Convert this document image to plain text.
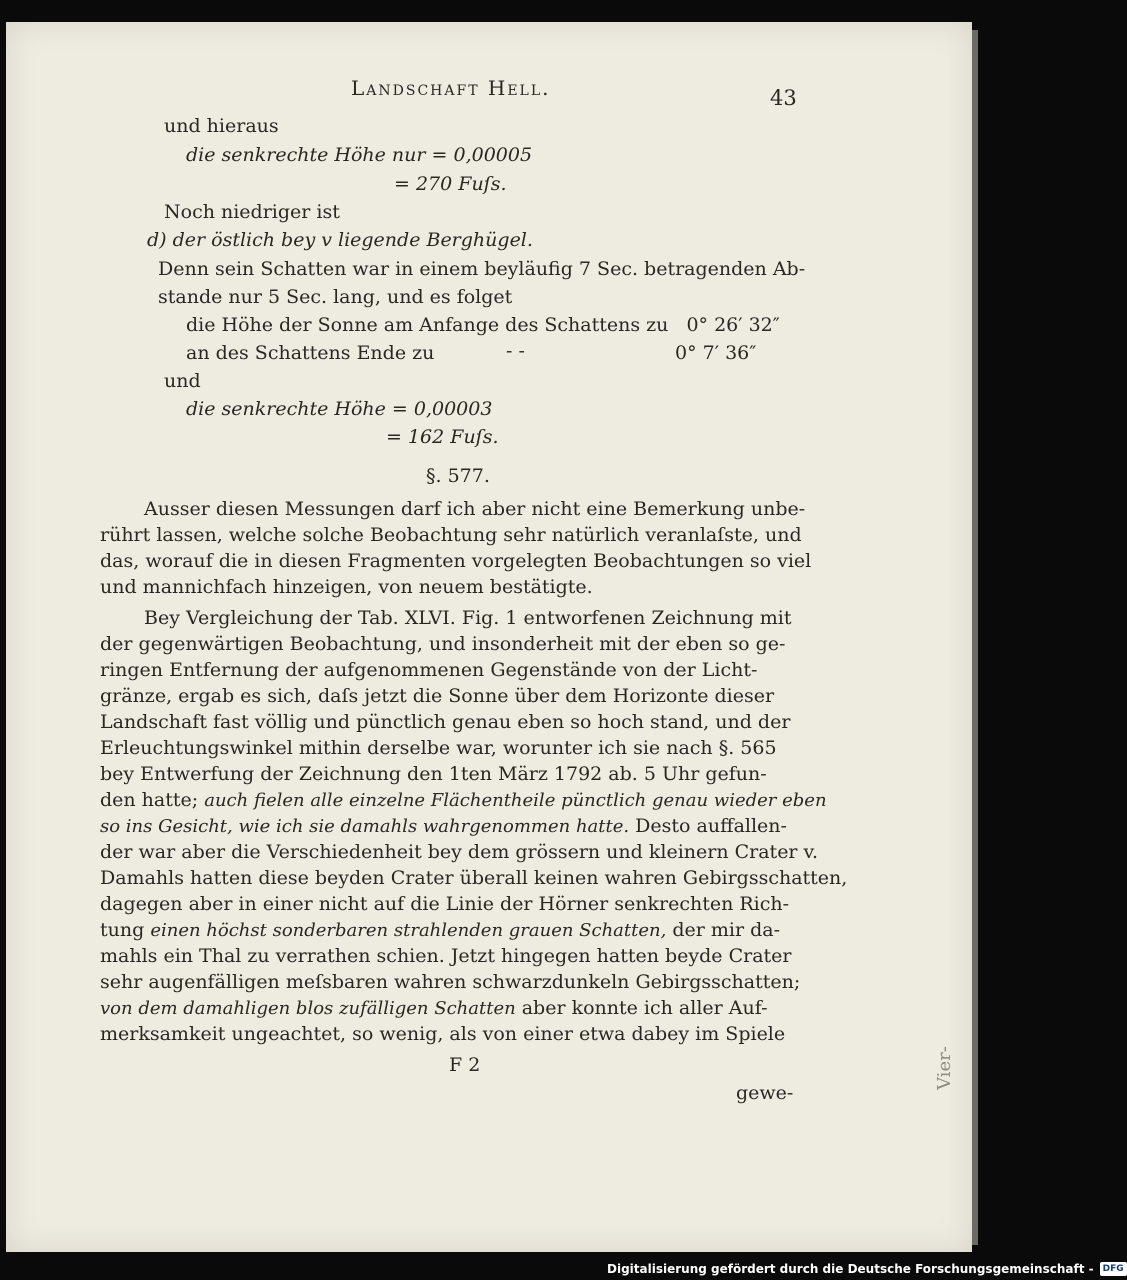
Landschaft Hell.	43
und hieraus
die senkrechte Höhe nur = 0,00005
= 270 Fuſs.
Noch niedriger ist
d) der östlich bey v liegende Berghügel.
Denn sein Schatten war in einem beyläufig 7 Sec. betragenden Ab-
stande nur 5 Sec. lang, und es folget
die Höhe der Sonne am Anfange des Schattens zu 0° 26′ 32″
an des Schattens Ende zu	- -	0° 7′ 36″
und
die senkrechte Höhe = 0,00003
= 162 Fuſs.
§. 577.
Ausser diesen Messungen darf ich aber nicht eine Bemerkung unbe-
rührt lassen, welche solche Beobachtung sehr natürlich veranlaſste, und
das, worauf die in diesen Fragmenten vorgelegten Beobachtungen so viel
und mannichfach hinzeigen, von neuem bestätigte.
Bey Vergleichung der Tab. XLVI. Fig. 1 entworfenen Zeichnung mit
der gegenwärtigen Beobachtung, und insonderheit mit der eben so ge-
ringen Entfernung der aufgenommenen Gegenstände von der Licht-
gränze, ergab es sich, daſs jetzt die Sonne über dem Horizonte dieser
Landschaft fast völlig und pünctlich genau eben so hoch stand, und der
Erleuchtungswinkel mithin derselbe war, worunter ich sie nach §. 565
bey Entwerfung der Zeichnung den 1ten März 1792 ab. 5 Uhr gefun-
den hatte; auch fielen alle einzelne Flächentheile pünctlich genau wieder eben
so ins Gesicht, wie ich sie damahls wahrgenommen hatte. Desto auffallen-
der war aber die Verschiedenheit bey dem grössern und kleinern Crater v.
Damahls hatten diese beyden Crater überall keinen wahren Gebirgsschatten,
dagegen aber in einer nicht auf die Linie der Hörner senkrechten Rich-
tung einen höchst sonderbaren strahlenden grauen Schatten, der mir da-
mahls ein Thal zu verrathen schien. Jetzt hingegen hatten beyde Crater
sehr augenfälligen meſsbaren wahren schwarzdunkeln Gebirgsschatten;
von dem damahligen blos zufälligen Schatten aber konnte ich aller Auf-
merksamkeit ungeachtet, so wenig, als von einer etwa dabey im Spiele
F 2
gewe-
Vier-
Digitalisierung gefördert durch die Deutsche Forschungsgemeinschaft -	DFG
